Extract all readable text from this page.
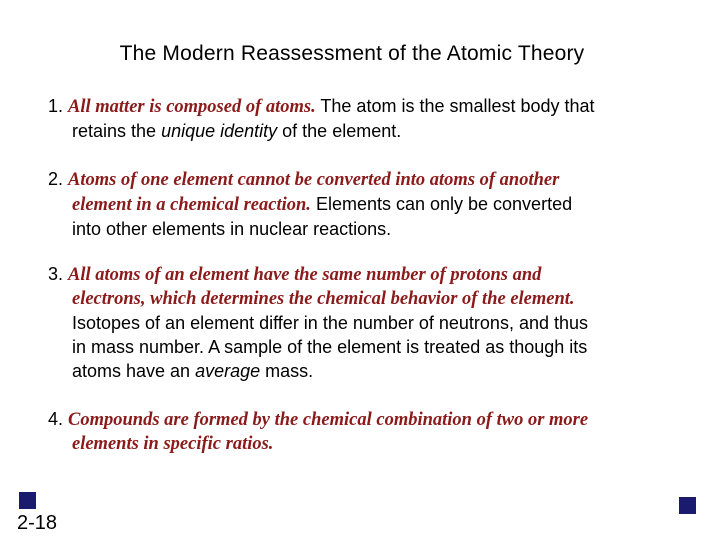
The Modern Reassessment of the Atomic Theory
1. All matter is composed of atoms. The atom is the smallest body that
retains the unique identity of the element.
2. Atoms of one element cannot be converted into atoms of another
element in a chemical reaction. Elements can only be converted
into other elements in nuclear reactions.
3. All atoms of an element have the same number of protons and
electrons, which determines the chemical behavior of the element.
Isotopes of an element differ in the number of neutrons, and thus
in mass number. A sample of the element is treated as though its
atoms have an average mass.
4. Compounds are formed by the chemical combination of two or more
elements in specific ratios.
2-18
